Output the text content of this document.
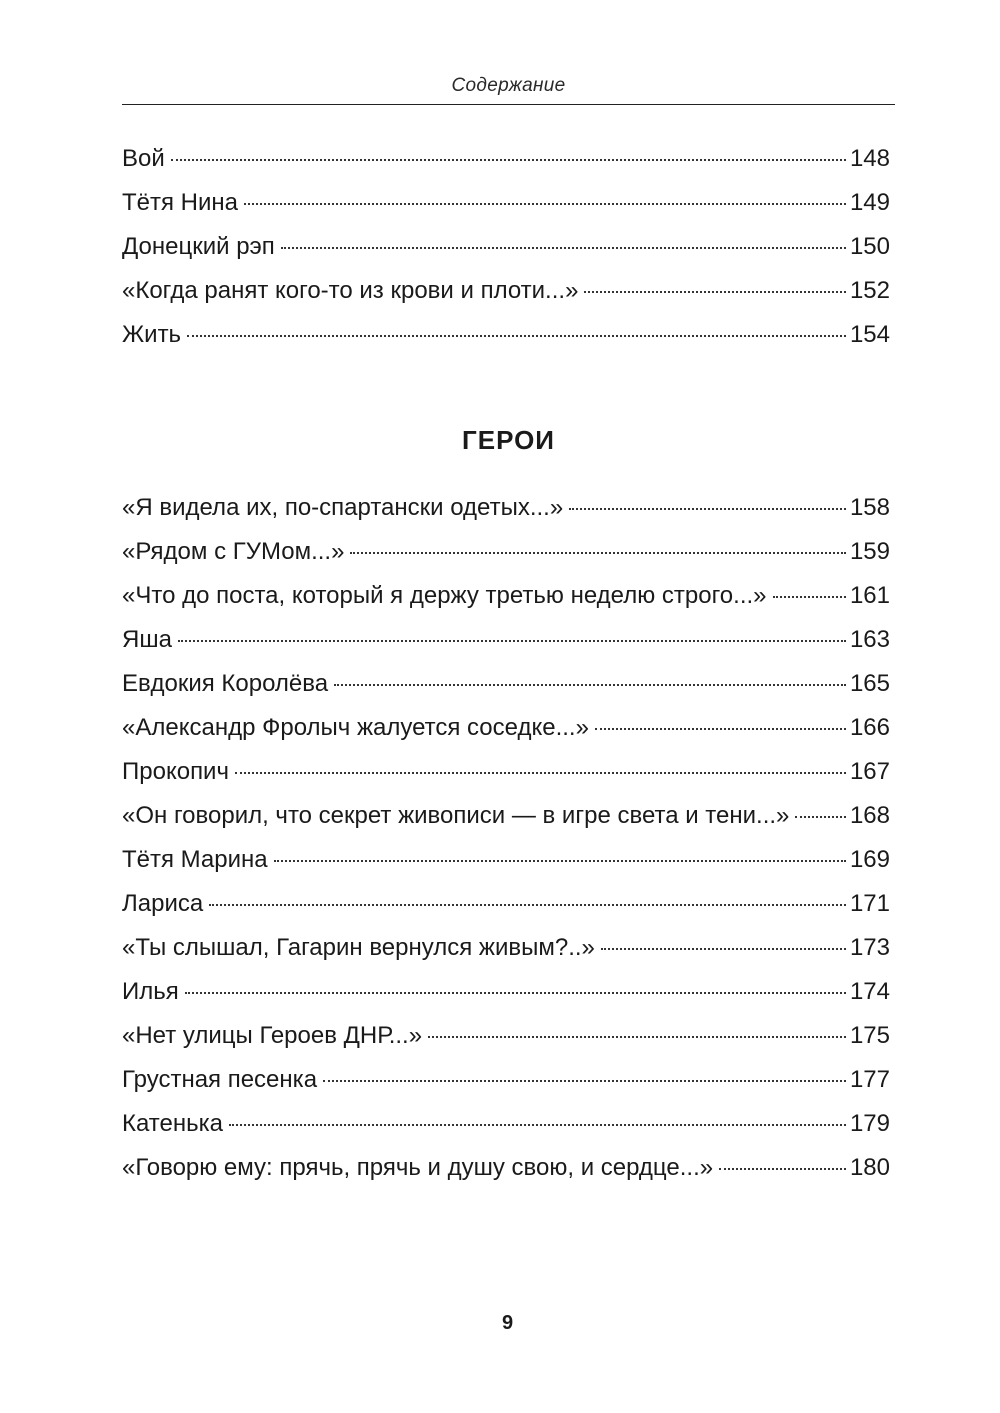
Содержание
Вой	148
Тётя Нина	149
Донецкий рэп	150
«Когда ранят кого-то из крови и плоти...»	152
Жить	154
ГЕРОИ
«Я видела их, по-спартански одетых...»	158
«Рядом с ГУМом...»	159
«Что до поста, который я держу третью неделю строго...»	161
Яша	163
Евдокия Королёва	165
«Александр Фролыч жалуется соседке...»	166
Прокопич	167
«Он говорил, что секрет живописи — в игре света и тени...»	168
Тётя Марина	169
Лариса	171
«Ты слышал, Гагарин вернулся живым?..»	173
Илья	174
«Нет улицы Героев ДНР...»	175
Грустная песенка	177
Катенька	179
«Говорю ему: прячь, прячь и душу свою, и сердце...»	180
9
